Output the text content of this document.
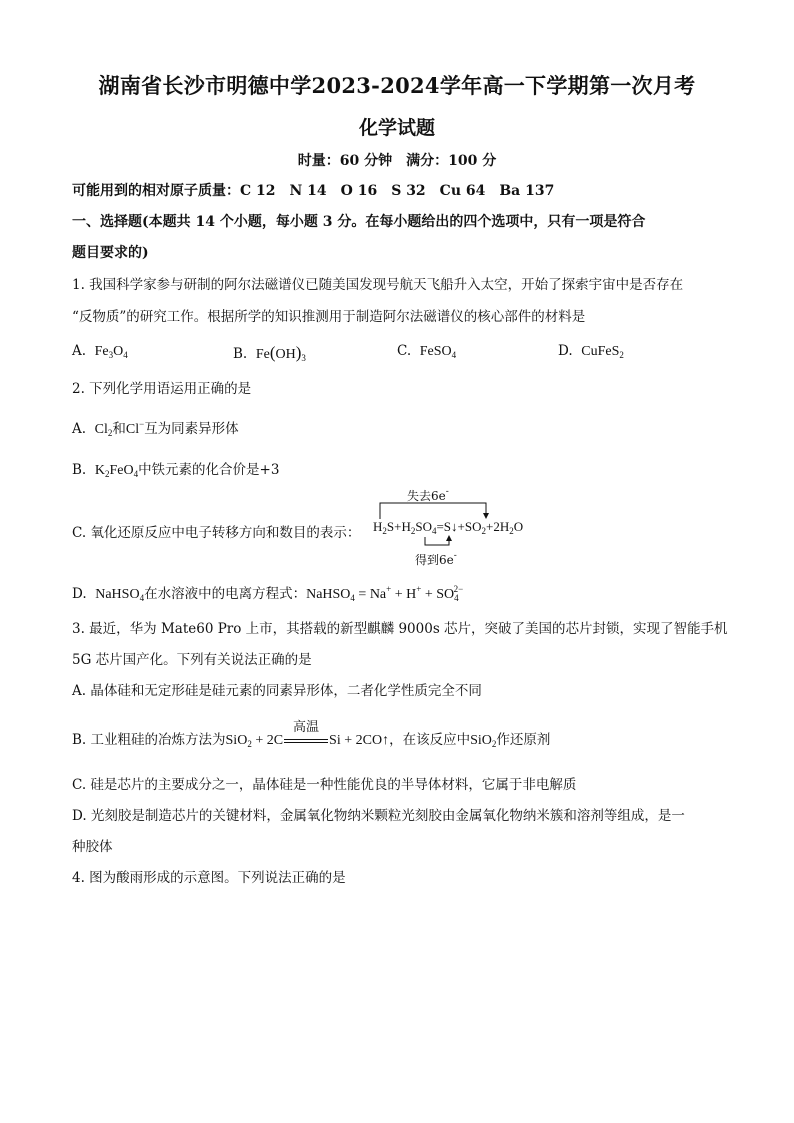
湖南省长沙市明德中学2023-2024学年高一下学期第一次月考
化学试题
时量：60 分钟　满分：100 分
可能用到的相对原子质量：C 12　N 14　O 16　S 32　Cu 64　Ba 137
一、选择题(本题共 14 个小题，每小题 3 分。在每小题给出的四个选项中，只有一项是符合
题目要求的)
1. 我国科学家参与研制的阿尔法磁谱仪已随美国发现号航天飞船升入太空，开始了探索宇宙中是否存在
“反物质”的研究工作。根据所学的知识推测用于制造阿尔法磁谱仪的核心部件的材料是
A. $Fe_3O_4$	B. $Fe(OH)_3$	C. FeSO$_4$	D. CuFeS$_2$
2. 下列化学用语运用正确的是
A. $Cl_2$和Cl−互为同素异形体
B. $K_2FeO_4$中铁元素的化合价是+3
C. 氧化还原反应中电子转移方向和数目的表示：
失去6e-
$H_2S+H_2SO_4=S↓+SO_2+2H_2O$
得到6e-
D. NaHSO$_4$在水溶液中的电离方程式：NaHSO$_4$ = $Na^+ + H^+ + SO_4^{2-}$
3. 最近，华为 Mate60 Pro 上市，其搭载的新型麒麟 9000s 芯片，突破了美国的芯片封锁，实现了智能手机
5G 芯片国产化。下列有关说法正确的是
A. 晶体硅和无定形硅是硅元素的同素异形体，二者化学性质完全不同
B. 工业粗硅的冶炼方法为SiO$_2$ + 2C
高温
Si + 2CO↑，在该反应中SiO$_2$作还原剂
C. 硅是芯片的主要成分之一，晶体硅是一种性能优良的半导体材料，它属于非电解质
D. 光刻胶是制造芯片的关键材料，金属氧化物纳米颗粒光刻胶由金属氧化物纳米簇和溶剂等组成，是一
种胶体
4. 图为酸雨形成的示意图。下列说法正确的是
